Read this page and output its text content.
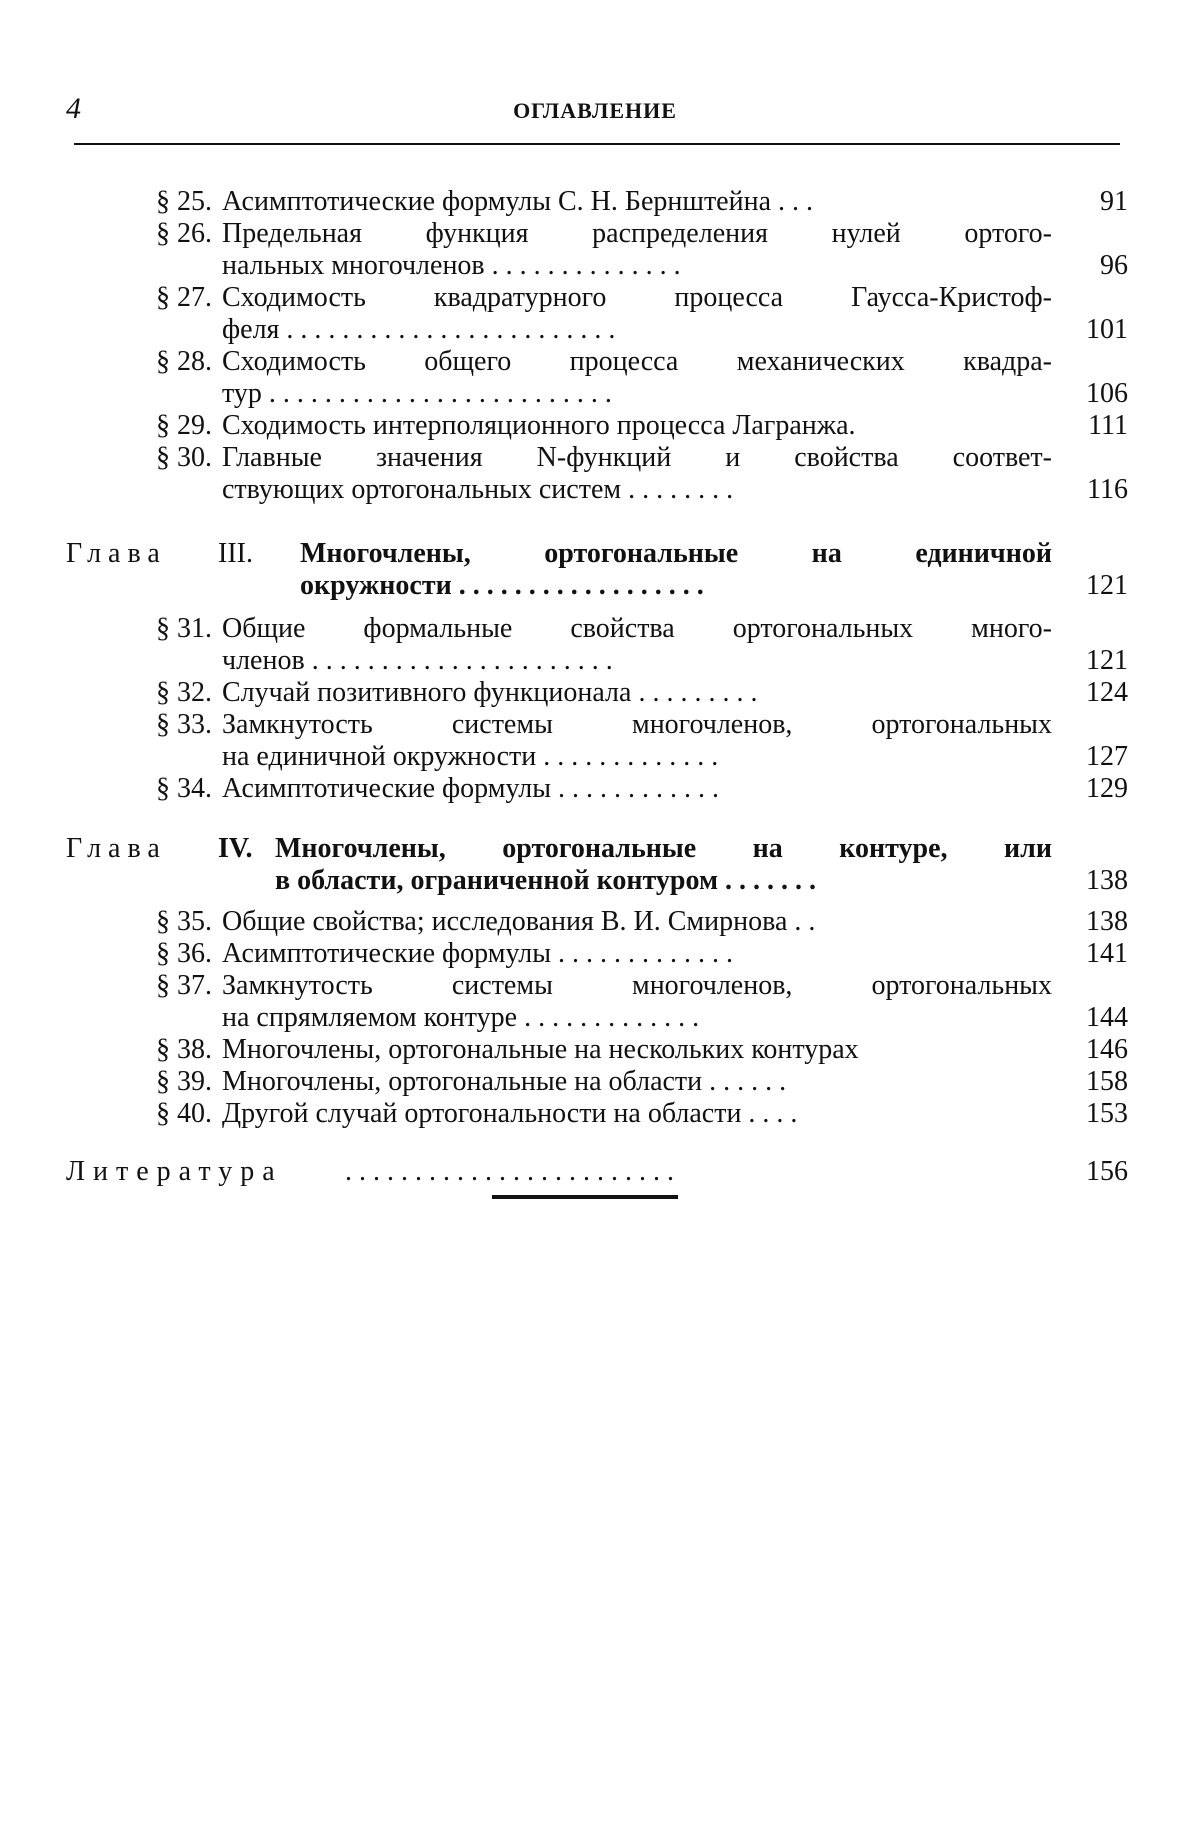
4	ОГЛАВЛЕНИЕ
§ 25. Асимптотические формулы С. Н. Бернштейна . . .	91
§ 26. Предельная функция распределения нулей ортого-
нальных многочленов . . . . . . . . . . . . . .	96
§ 27. Сходимость квадратурного процесса Гаусса-Кристоф-
феля . . . . . . . . . . . . . . . . . . . . . . . .	101
§ 28. Сходимость общего процесса механических квадра-
тур . . . . . . . . . . . . . . . . . . . . . . . . .	106
§ 29. Сходимость интерполяционного процесса Лагранжа.	111
§ 30. Главные значения N-функций и свойства соответ-
ствующих ортогональных систем . . . . . . . .	116
Глава III. Многочлены, ортогональные на единичной
окружности . . . . . . . . . . . . . . . . . .	121
§ 31. Общие формальные свойства ортогональных много-
членов . . . . . . . . . . . . . . . . . . . . . .	121
§ 32. Случай позитивного функционала . . . . . . . . .	124
§ 33. Замкнутость системы многочленов, ортогональных
на единичной окружности . . . . . . . . . . . . .	127
§ 34. Асимптотические формулы . . . . . . . . . . . .	129
Глава IV. Многочлены, ортогональные на контуре, или
в области, ограниченной контуром . . . . . . .	138
§ 35. Общие свойства; исследования В. И. Смирнова . .	138
§ 36. Асимптотические формулы . . . . . . . . . . . . .	141
§ 37. Замкнутость системы многочленов, ортогональных
на спрямляемом контуре . . . . . . . . . . . . .	144
§ 38. Многочлены, ортогональные на нескольких контурах	146
§ 39. Многочлены, ортогональные на области . . . . . .	158
§ 40. Другой случай ортогональности на области . . . .	153
Литература . . . . . . . . . . . . . . . . . . . . . . . .	156
